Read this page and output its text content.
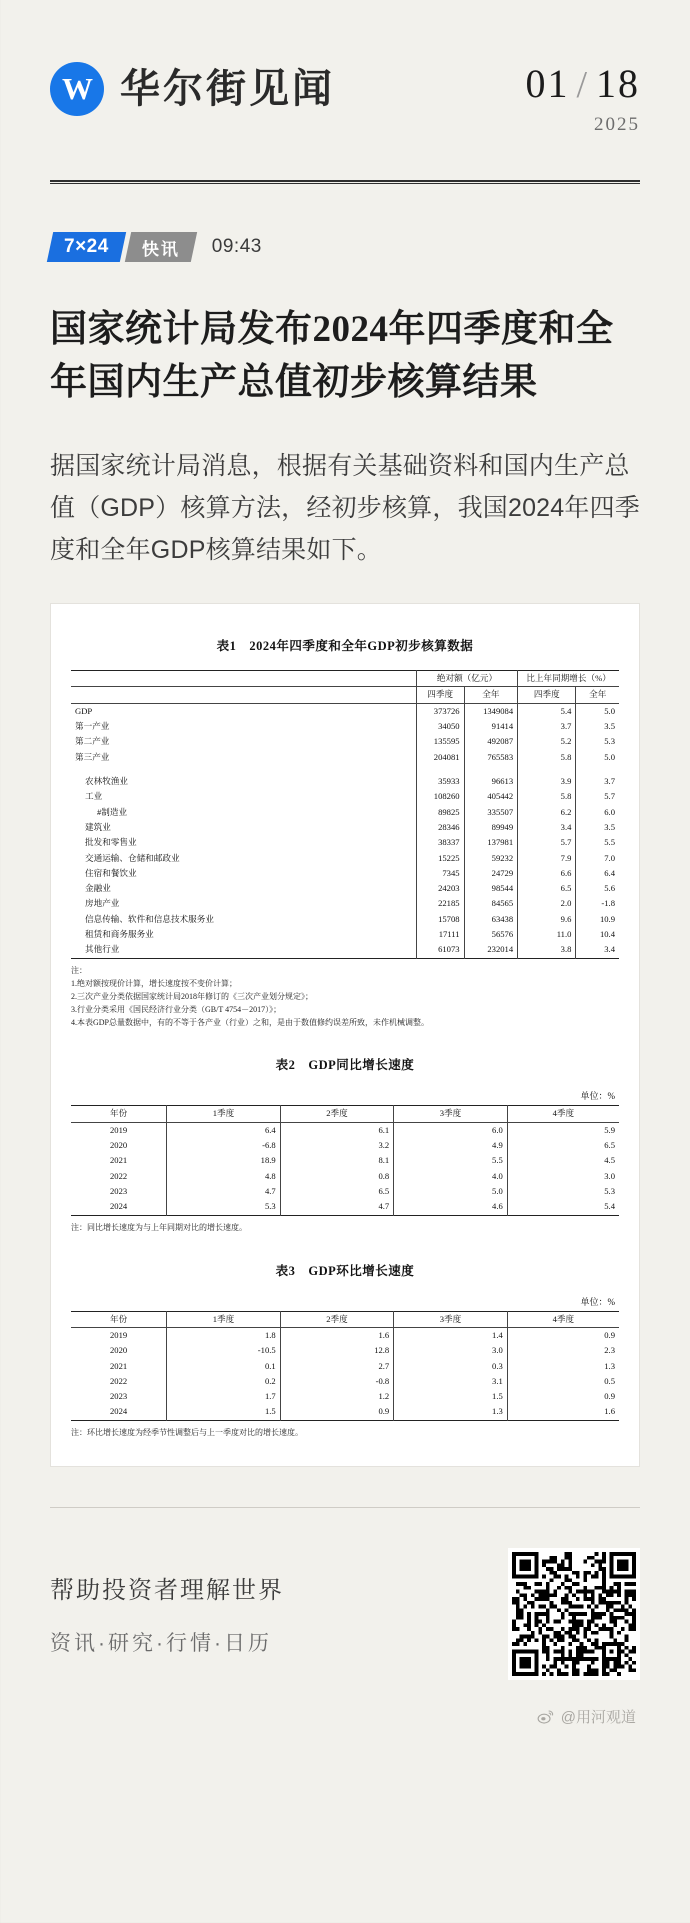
W 华尔街见闻	01 / 18
2025
7×24 快讯 09:43
国家统计局发布2024年四季度和全年国内生产总值初步核算结果

据国家统计局消息，根据有关基础资料和国内生产总值（GDP）核算方法，经初步核算，我国2024年四季度和全年GDP核算结果如下。

表1　2024年四季度和全年GDP初步核算数据
	绝对额（亿元）		比上年同期增长（%）	
	四季度	全年	四季度	全年
GDP	373726	1349084	5.4	5.0
第一产业	34050	91414	3.7	3.5
第二产业	135595	492087	5.2	5.3
第三产业	204081	765583	5.8	5.0

农林牧渔业	35933	96613	3.9	3.7
工业	108260	405442	5.8	5.7
#制造业	89825	335507	6.2	6.0
建筑业	28346	89949	3.4	3.5
批发和零售业	38337	137981	5.7	5.5
交通运输、仓储和邮政业	15225	59232	7.9	7.0
住宿和餐饮业	7345	24729	6.6	6.4
金融业	24203	98544	6.5	5.6
房地产业	22185	84565	2.0	-1.8
信息传输、软件和信息技术服务业	15708	63438	9.6	10.9
租赁和商务服务业	17111	56576	11.0	10.4
其他行业	61073	232014	3.8	3.4
注：
1.绝对额按现价计算，增长速度按不变价计算；
2.三次产业分类依据国家统计局2018年修订的《三次产业划分规定》；
3.行业分类采用《国民经济行业分类（GB/T 4754－2017）》；
4.本表GDP总量数据中，有的不等于各产业（行业）之和，是由于数值修约误差所致，未作机械调整。
表2　GDP同比增长速度
单位：%
年份	1季度	2季度	3季度	4季度
2019	6.4	6.1	6.0	5.9
2020	-6.8	3.2	4.9	6.5
2021	18.9	8.1	5.5	4.5
2022	4.8	0.8	4.0	3.0
2023	4.7	6.5	5.0	5.3
2024	5.3	4.7	4.6	5.4
注：同比增长速度为与上年同期对比的增长速度。
表3　GDP环比增长速度
单位：%
年份	1季度	2季度	3季度	4季度
2019	1.8	1.6	1.4	0.9
2020	-10.5	12.8	3.0	2.3
2021	0.1	2.7	0.3	1.3
2022	0.2	-0.8	3.1	0.5
2023	1.7	1.2	1.5	0.9
2024	1.5	0.9	1.3	1.6
注：环比增长速度为经季节性调整后与上一季度对比的增长速度。
帮助投资者理解世界
资讯·研究·行情·日历
@用河观道
